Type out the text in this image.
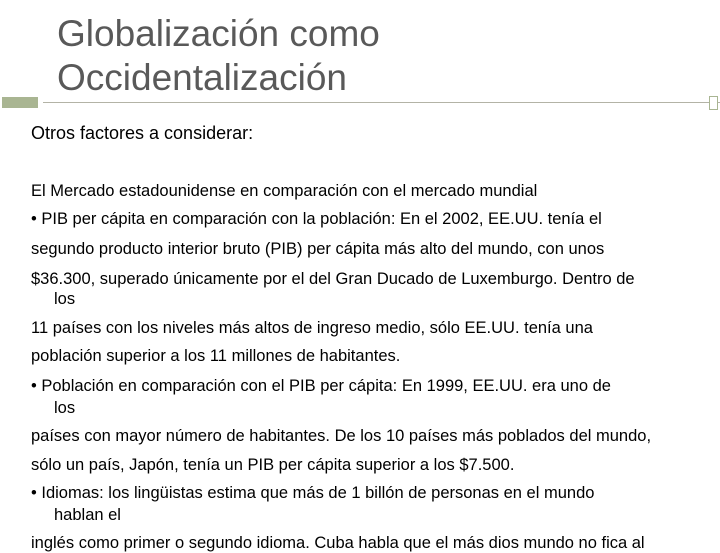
Globalización como
Occidentalización
Otros factores a considerar:
El Mercado estadounidense en comparación con el mercado mundial
• PIB per cápita en comparación con la población: En el 2002, EE.UU. tenía el
segundo producto interior bruto (PIB) per cápita más alto del mundo, con unos
$36.300, superado únicamente por el del Gran Ducado de Luxemburgo. Dentro de
los
11 países con los niveles más altos de ingreso medio, sólo EE.UU. tenía una
población superior a los 11 millones de habitantes.
• Población en comparación con el PIB per cápita: En 1999, EE.UU. era uno de
los
países con mayor número de habitantes. De los 10 países más poblados del mundo,
sólo un país, Japón, tenía un PIB per cápita superior a los $7.500.
• Idiomas: los lingüistas estima que más de 1 billón de personas en el mundo
hablan el
inglés como primer o segundo idioma. Cuba habla que el más dios mundo no fica al
